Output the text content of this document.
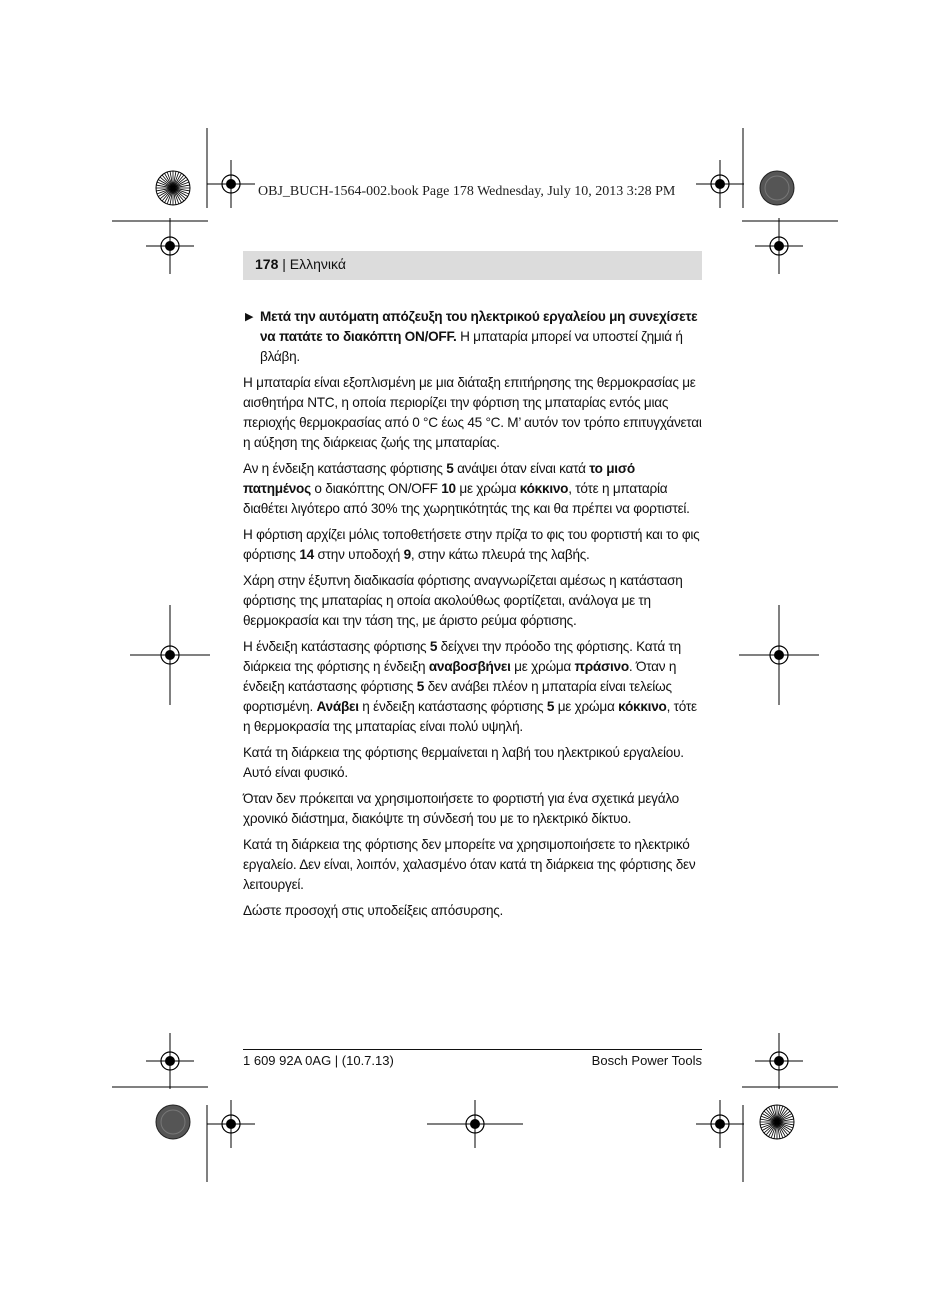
OBJ_BUCH-1564-002.book Page 178 Wednesday, July 10, 2013 3:28 PM
178 | Ελληνικά

▶ Μετά την αυτόματη απόζευξη του ηλεκτρικού εργαλείου μη συνεχίσετε να πατάτε το διακόπτη ON/OFF. Η μπαταρία μπορεί να υποστεί ζημιά ή βλάβη.

Η μπαταρία είναι εξοπλισμένη με μια διάταξη επιτήρησης της θερμοκρασίας με αισθητήρα NTC, η οποία περιορίζει την φόρτιση της μπαταρίας εντός μιας περιοχής θερμοκρασίας από 0 °C έως 45 °C. Μ’ αυτόν τον τρόπο επιτυγχάνεται η αύξηση της διάρκειας ζωής της μπαταρίας.

Αν η ένδειξη κατάστασης φόρτισης 5 ανάψει όταν είναι κατά το μισό πατημένος ο διακόπτης ON/OFF 10 με χρώμα κόκκινο, τότε η μπαταρία διαθέτει λιγότερο από 30% της χωρητικότητάς της και θα πρέπει να φορτιστεί.

Η φόρτιση αρχίζει μόλις τοποθετήσετε στην πρίζα το φις του φορτιστή και το φις φόρτισης 14 στην υποδοχή 9, στην κάτω πλευρά της λαβής.

Χάρη στην έξυπνη διαδικασία φόρτισης αναγνωρίζεται αμέσως η κατάσταση φόρτισης της μπαταρίας η οποία ακολούθως φορτίζεται, ανάλογα με τη θερμοκρασία και την τάση της, με άριστο ρεύμα φόρτισης.

Η ένδειξη κατάστασης φόρτισης 5 δείχνει την πρόοδο της φόρτισης. Κατά τη διάρκεια της φόρτισης η ένδειξη αναβοσβήνει με χρώμα πράσινο. Όταν η ένδειξη κατάστασης φόρτισης 5 δεν ανάβει πλέον η μπαταρία είναι τελείως φορτισμένη. Ανάβει η ένδειξη κατάστασης φόρτισης 5 με χρώμα κόκκινο, τότε η θερμοκρασία της μπαταρίας είναι πολύ υψηλή.

Κατά τη διάρκεια της φόρτισης θερμαίνεται η λαβή του ηλεκτρικού εργαλείου. Αυτό είναι φυσικό.

Όταν δεν πρόκειται να χρησιμοποιήσετε το φορτιστή για ένα σχετικά μεγάλο χρονικό διάστημα, διακόψτε τη σύνδεσή του με το ηλεκτρικό δίκτυο.

Κατά τη διάρκεια της φόρτισης δεν μπορείτε να χρησιμοποιήσετε το ηλεκτρικό εργαλείο. Δεν είναι, λοιπόν, χαλασμένο όταν κατά τη διάρκεια της φόρτισης δεν λειτουργεί.

Δώστε προσοχή στις υποδείξεις απόσυρσης.

1 609 92A 0AG | (10.7.13)	Bosch Power Tools
